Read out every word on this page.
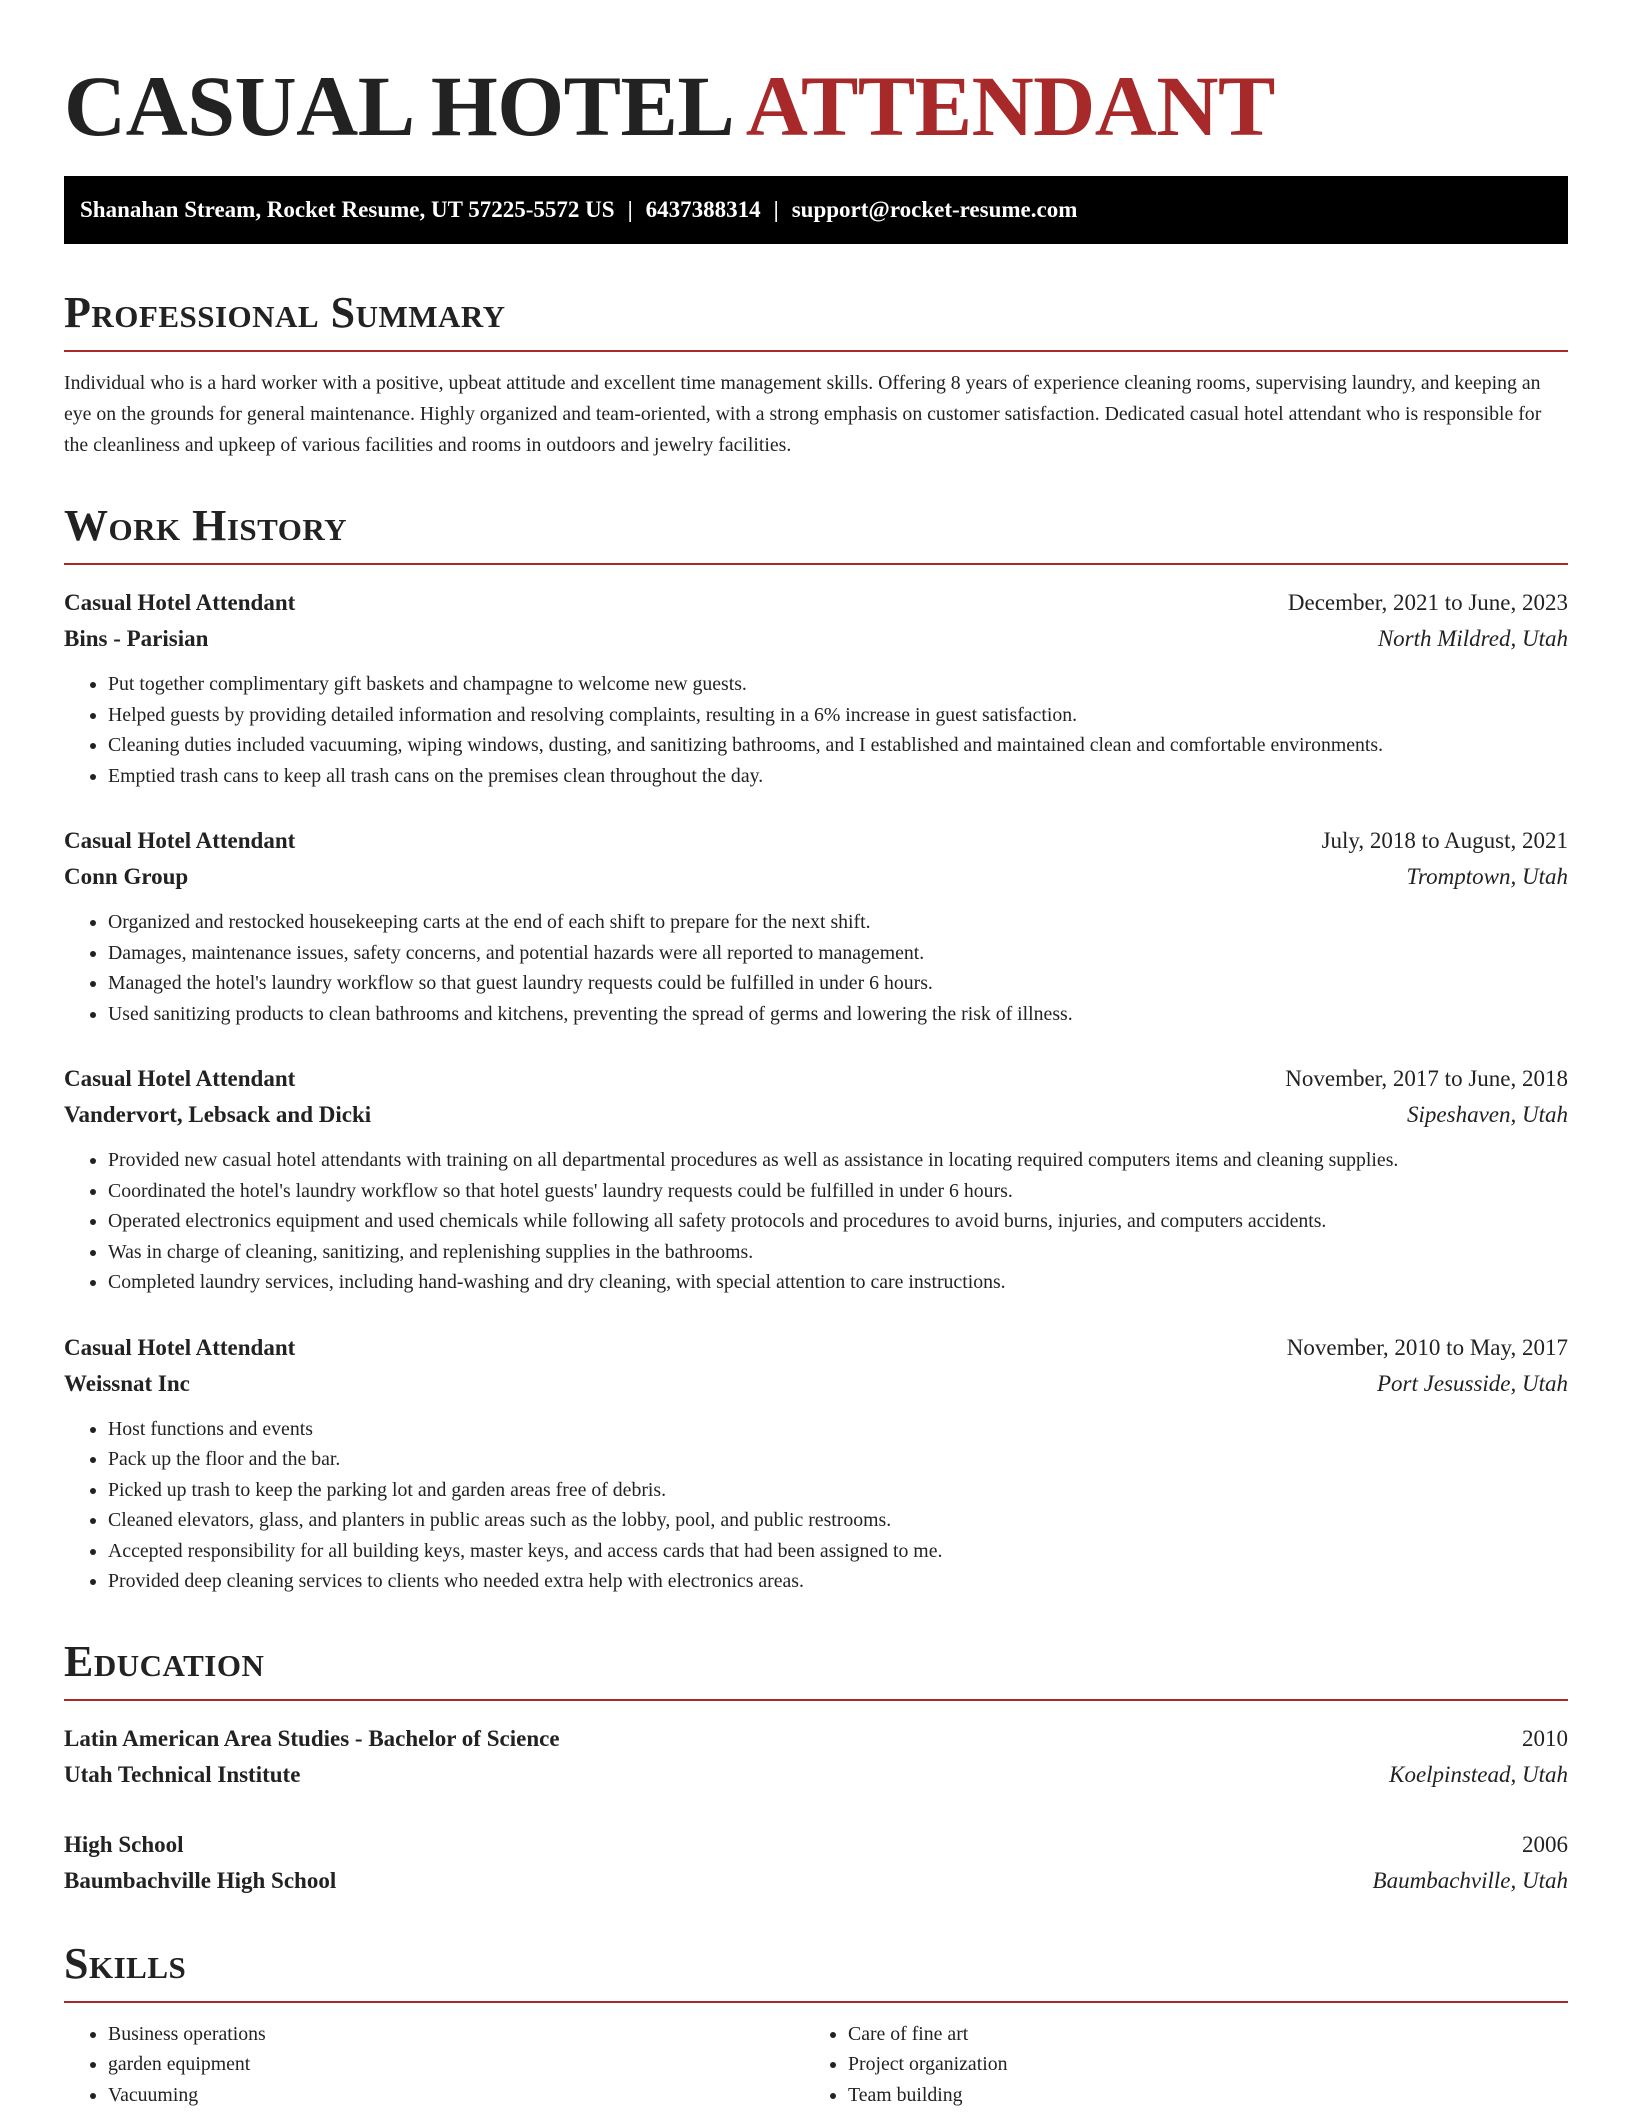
CASUAL HOTEL ATTENDANT
Shanahan Stream, Rocket Resume, UT 57225-5572 US | 6437388314 | support@rocket-resume.com
Professional Summary

Individual who is a hard worker with a positive, upbeat attitude and excellent time management skills. Offering 8 years of experience cleaning rooms, supervising laundry, and keeping an eye on the grounds for general maintenance. Highly organized and team-oriented, with a strong emphasis on customer satisfaction. Dedicated casual hotel attendant who is responsible for the cleanliness and upkeep of various facilities and rooms in outdoors and jewelry facilities.

Work History
Casual Hotel Attendant	December, 2021 to June, 2023
Bins - Parisian	North Mildred, Utah
• Put together complimentary gift baskets and champagne to welcome new guests.
• Helped guests by providing detailed information and resolving complaints, resulting in a 6% increase in guest satisfaction.
• Cleaning duties included vacuuming, wiping windows, dusting, and sanitizing bathrooms, and I established and maintained clean and comfortable environments.
• Emptied trash cans to keep all trash cans on the premises clean throughout the day.
Casual Hotel Attendant	July, 2018 to August, 2021
Conn Group	Tromptown, Utah
• Organized and restocked housekeeping carts at the end of each shift to prepare for the next shift.
• Damages, maintenance issues, safety concerns, and potential hazards were all reported to management.
• Managed the hotel's laundry workflow so that guest laundry requests could be fulfilled in under 6 hours.
• Used sanitizing products to clean bathrooms and kitchens, preventing the spread of germs and lowering the risk of illness.
Casual Hotel Attendant	November, 2017 to June, 2018
Vandervort, Lebsack and Dicki	Sipeshaven, Utah
• Provided new casual hotel attendants with training on all departmental procedures as well as assistance in locating required computers items and cleaning supplies.
• Coordinated the hotel's laundry workflow so that hotel guests' laundry requests could be fulfilled in under 6 hours.
• Operated electronics equipment and used chemicals while following all safety protocols and procedures to avoid burns, injuries, and computers accidents.
• Was in charge of cleaning, sanitizing, and replenishing supplies in the bathrooms.
• Completed laundry services, including hand-washing and dry cleaning, with special attention to care instructions.
Casual Hotel Attendant	November, 2010 to May, 2017
Weissnat Inc	Port Jesusside, Utah
• Host functions and events
• Pack up the floor and the bar.
• Picked up trash to keep the parking lot and garden areas free of debris.
• Cleaned elevators, glass, and planters in public areas such as the lobby, pool, and public restrooms.
• Accepted responsibility for all building keys, master keys, and access cards that had been assigned to me.
• Provided deep cleaning services to clients who needed extra help with electronics areas.
Education
Latin American Area Studies - Bachelor of Science	2010
Utah Technical Institute	Koelpinstead, Utah
High School	2006
Baumbachville High School	Baumbachville, Utah
Skills
• Business operations
• garden equipment
• Vacuuming
• Care of fine art
• Project organization
• Team building
